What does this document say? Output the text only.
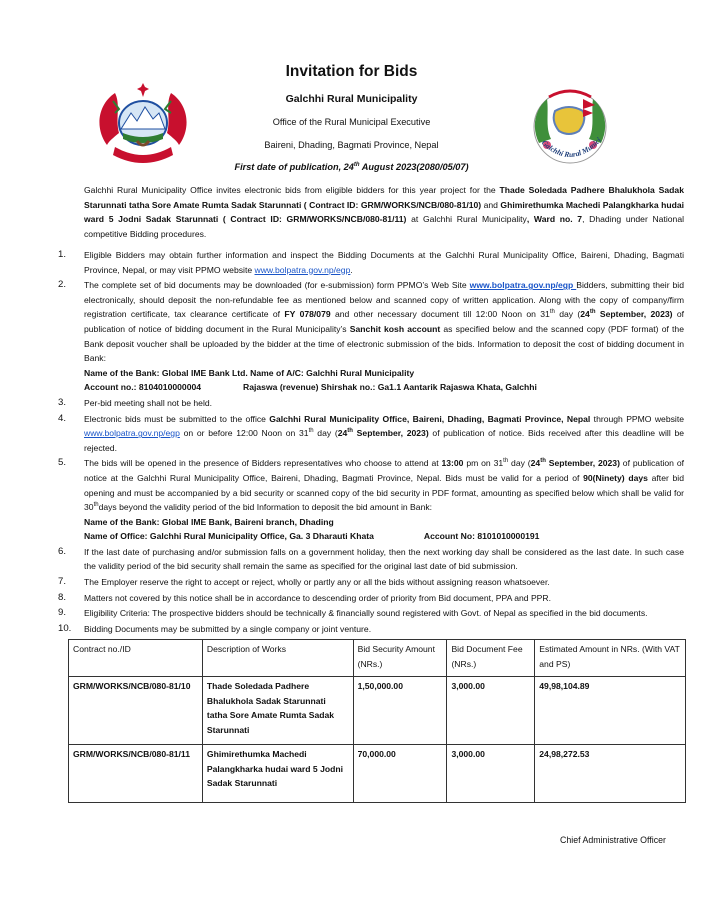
Galchhi Rural Munici
Invitation for Bids
Galchhi Rural Municipality
Office of the Rural Municipal Executive
Baireni, Dhading, Bagmati Province, Nepal
First date of publication, 24th August 2023(2080/05/07)
Galchhi Rural Municipality Office invites electronic bids from eligible bidders for this year project for the Thade Soledada Padhere Bhalukhola Sadak Starunnati tatha Sore Amate Rumta Sadak Starunnati ( Contract ID: GRM/WORKS/NCB/080-81/10) and Ghimirethumka Machedi Palangkharka hudai ward 5 Jodni Sadak Starunnati ( Contract ID: GRM/WORKS/NCB/080-81/11) at Galchhi Rural Municipality, Ward no. 7, Dhading under National competitive Bidding procedures.
1. Eligible Bidders may obtain further information and inspect the Bidding Documents at the Galchhi Rural Municipality Office, Baireni, Dhading, Bagmati Province, Nepal, or may visit PPMO website www.bolpatra.gov.np/egp.
2. The complete set of bid documents may be downloaded (for e-submission) form PPMO’s Web Site www.bolpatra.gov.np/egp Bidders, submitting their bid electronically, should deposit the non-refundable fee as mentioned below and scanned copy of written application. Along with the copy of company/firm registration certificate, tax clearance certificate of FY 078/079 and other necessary document till 12:00 Noon on 31th day (24th September, 2023) of publication of notice of bidding document in the Rural Municipality’s Sanchit kosh account as specified below and the scanned copy (PDF format) of the Bank deposit voucher shall be uploaded by the bidder at the time of electronic submission of the bids. Information to deposit the cost of bidding document in Bank:
Name of the Bank: Global IME Bank Ltd. Name of A/C: Galchhi Rural Municipality
Account no.: 8104010000004	Rajaswa (revenue) Shirshak no.: Ga1.1 Aantarik Rajaswa Khata, Galchhi
3. Per-bid meeting shall not be held.
4. Electronic bids must be submitted to the office Galchhi Rural Municipality Office, Baireni, Dhading, Bagmati Province, Nepal through PPMO website www.bolpatra.gov.np/egp on or before 12:00 Noon on 31th day (24th September, 2023) of publication of notice. Bids received after this deadline will be rejected.
5. The bids will be opened in the presence of Bidders representatives who choose to attend at 13:00 pm on 31th day (24th September, 2023) of publication of notice at the Galchhi Rural Municipality Office, Baireni, Dhading, Bagmati Province, Nepal. Bids must be valid for a period of 90(Ninety) days after bid opening and must be accompanied by a bid security or scanned copy of the bid security in PDF format, amounting as specified below which shall be valid for 30thdays beyond the validity period of the bid Information to deposit the bid amount in Bank:
Name of the Bank: Global IME Bank, Baireni branch, Dhading
Name of Office: Galchhi Rural Municipality Office, Ga. 3 Dharauti Khata	Account No: 8101010000191
6. If the last date of purchasing and/or submission falls on a government holiday, then the next working day shall be considered as the last date. In such case the validity period of the bid security shall remain the same as specified for the original last date of bid submission.
7. The Employer reserve the right to accept or reject, wholly or partly any or all the bids without assigning reason whatsoever.
8. Matters not covered by this notice shall be in accordance to descending order of priority from Bid document, PPA and PPR.
9. Eligibility Criteria: The prospective bidders should be technically & financially sound registered with Govt. of Nepal as specified in the bid documents.
10. Bidding Documents may be submitted by a single company or joint venture.
Contract no./ID	Description of Works	Bid Security Amount (NRs.)	Bid Document Fee (NRs.)	Estimated Amount in NRs. (With VAT and PS)
GRM/WORKS/NCB/080-81/10	Thade Soledada Padhere Bhalukhola Sadak Starunnati tatha Sore Amate Rumta Sadak Starunnati	1,50,000.00	3,000.00	49,98,104.89
GRM/WORKS/NCB/080-81/11	Ghimirethumka Machedi Palangkharka hudai ward 5 Jodni Sadak Starunnati	70,000.00	3,000.00	24,98,272.53
Chief Administrative Officer
